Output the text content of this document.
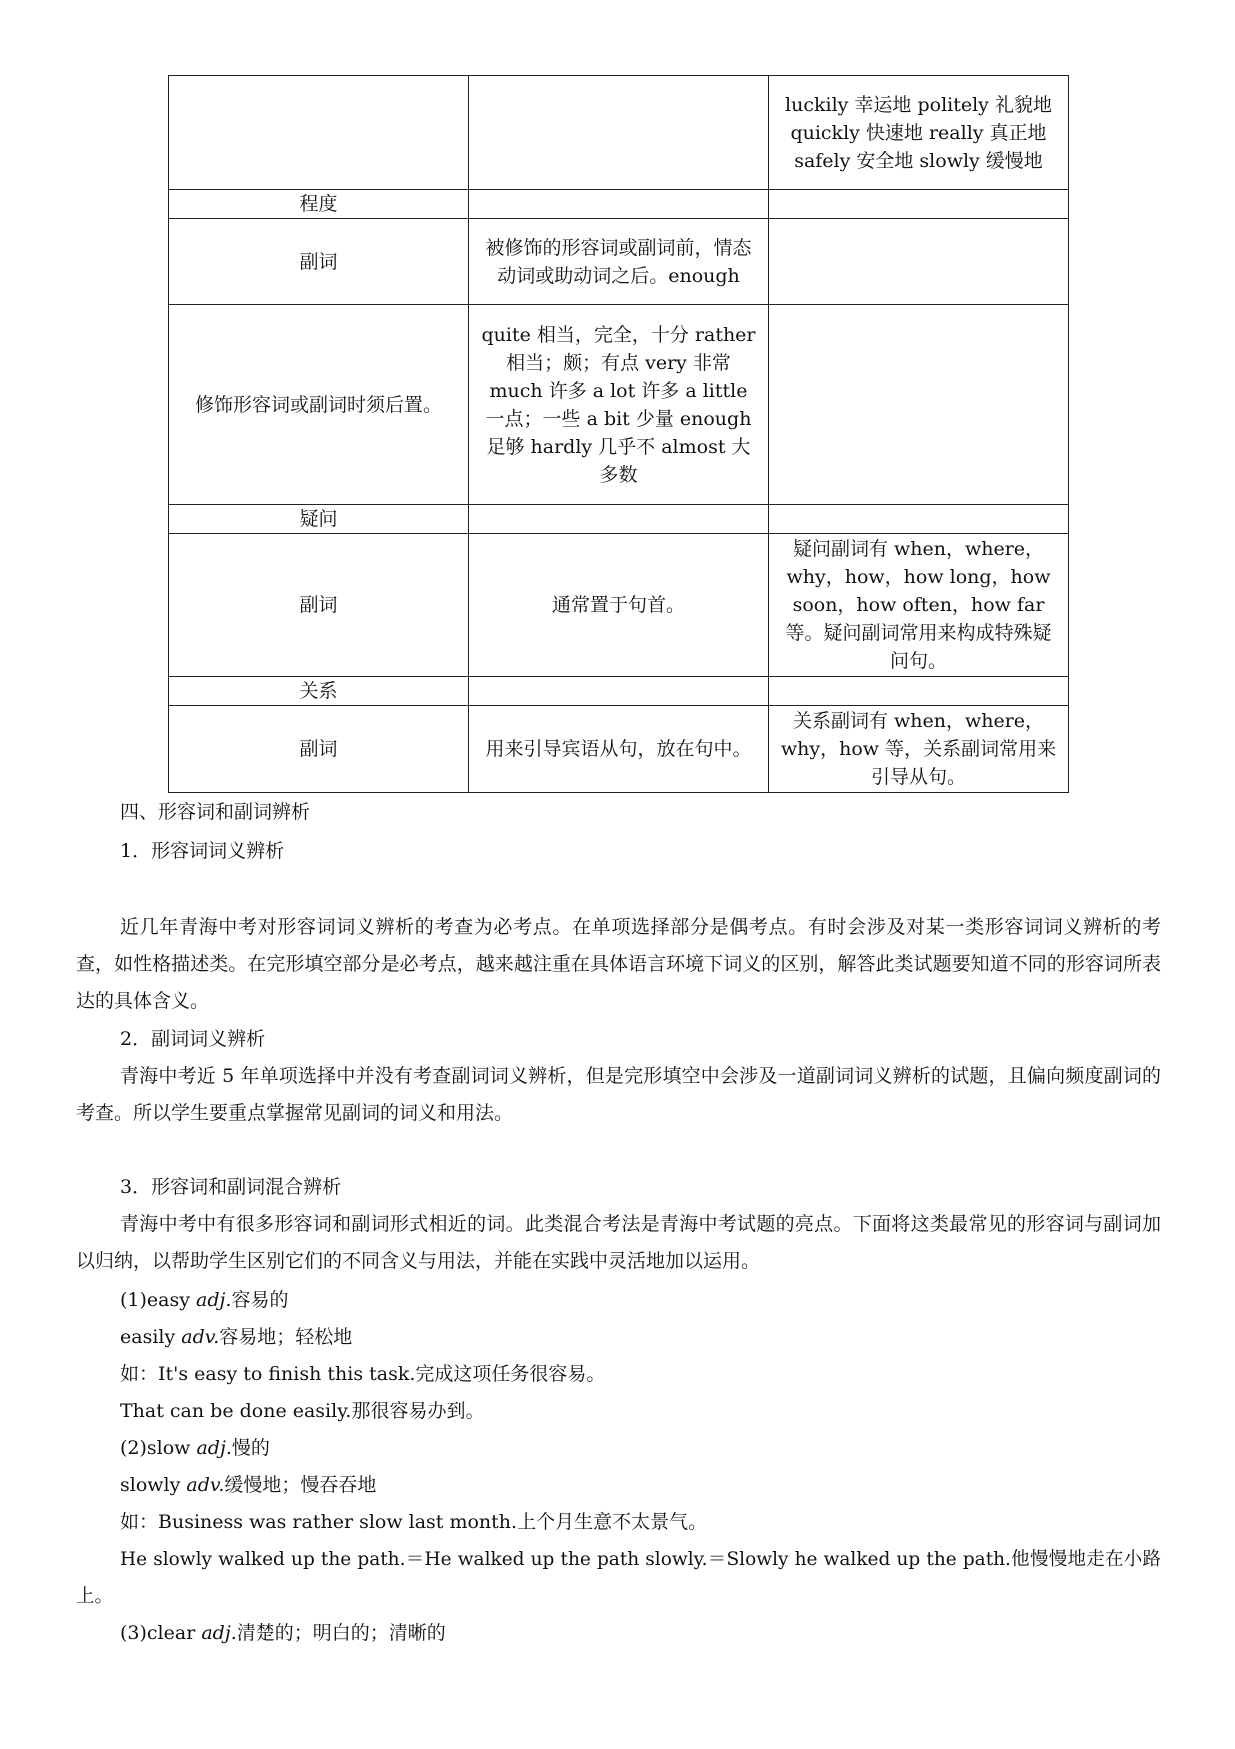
		luckily 幸运地 politely 礼貌地 quickly 快速地 really 真正地 safely 安全地 slowly 缓慢地
程度		
副词	被修饰的形容词或副词前，情态动词或助动词之后。enough	
修饰形容词或副词时须后置。	quite 相当，完全，十分 rather 相当；颇；有点 very 非常 much 许多 a lot 许多 a little 一点；一些 a bit 少量 enough 足够 hardly 几乎不 almost 大多数	
疑问		
副词	通常置于句首。	疑问副词有 when，where，why，how，how long，how soon，how often，how far 等。疑问副词常用来构成特殊疑问句。
关系		
副词	用来引导宾语从句，放在句中。	关系副词有 when，where，why，how 等，关系副词常用来引导从句。
四、形容词和副词辨析
1．形容词词义辨析
近几年青海中考对形容词词义辨析的考查为必考点。在单项选择部分是偶考点。有时会涉及对某一类形容词词义辨析的考查，如性格描述类。在完形填空部分是必考点，越来越注重在具体语言环境下词义的区别，解答此类试题要知道不同的形容词所表达的具体含义。
2．副词词义辨析
青海中考近 5 年单项选择中并没有考查副词词义辨析，但是完形填空中会涉及一道副词词义辨析的试题，且偏向频度副词的考查。所以学生要重点掌握常见副词的词义和用法。
3．形容词和副词混合辨析
青海中考中有很多形容词和副词形式相近的词。此类混合考法是青海中考试题的亮点。下面将这类最常见的形容词与副词加以归纳，以帮助学生区别它们的不同含义与用法，并能在实践中灵活地加以运用。
(1)easy adj.容易的
easily adv.容易地；轻松地
如：It's easy to finish this task.完成这项任务很容易。
That can be done easily.那很容易办到。
(2)slow adj.慢的
slowly adv.缓慢地；慢吞吞地
如：Business was rather slow last month.上个月生意不太景气。
He slowly walked up the path.＝He walked up the path slowly.＝Slowly he walked up the path.他慢慢地走在小路上。
(3)clear adj.清楚的；明白的；清晰的
